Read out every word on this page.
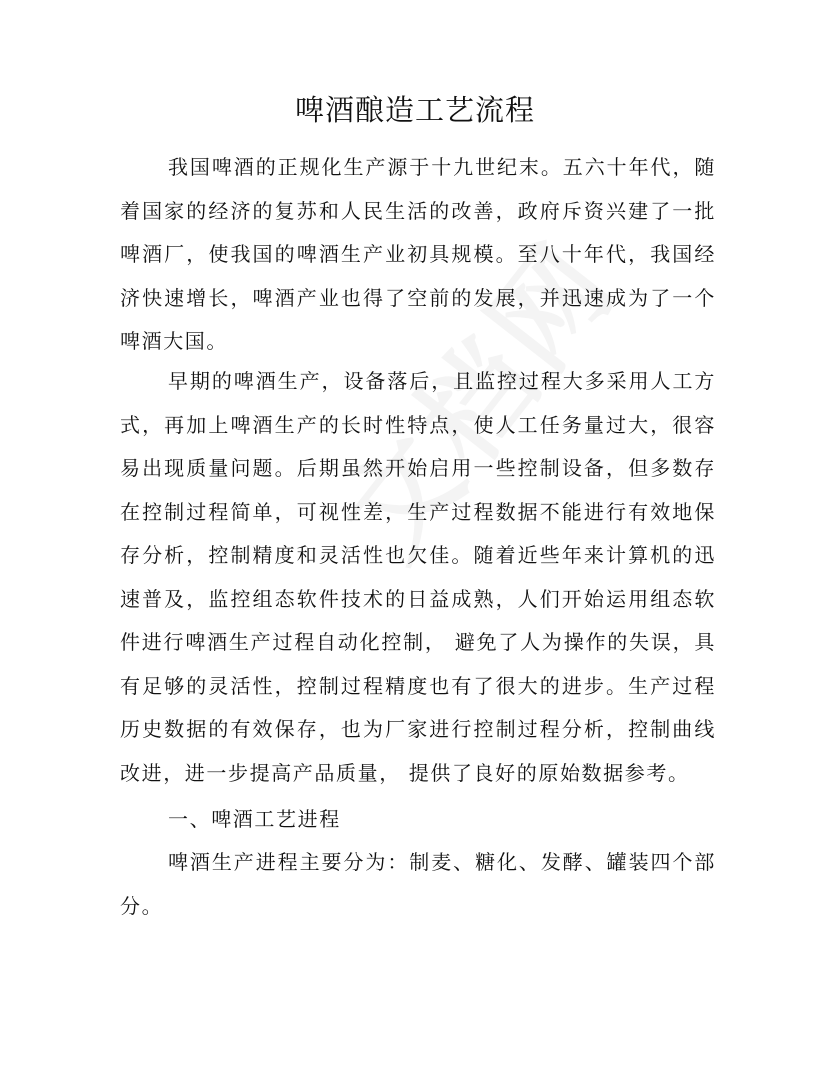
啤酒酿造工艺流程

我国啤酒的正规化生产源于十九世纪末。五六十年代，随着国家的经济的复苏和人民生活的改善，政府斥资兴建了一批啤酒厂，使我国的啤酒生产业初具规模。至八十年代，我国经济快速增长，啤酒产业也得了空前的发展，并迅速成为了一个啤酒大国。

早期的啤酒生产，设备落后，且监控过程大多采用人工方式，再加上啤酒生产的长时性特点，使人工任务量过大，很容易出现质量问题。后期虽然开始启用一些控制设备，但多数存在控制过程简单，可视性差，生产过程数据不能进行有效地保存分析，控制精度和灵活性也欠佳。随着近些年来计算机的迅速普及，监控组态软件技术的日益成熟，人们开始运用组态软件进行啤酒生产过程自动化控制， 避免了人为操作的失误，具有足够的灵活性，控制过程精度也有了很大的进步。生产过程历史数据的有效保存，也为厂家进行控制过程分析，控制曲线改进，进一步提高产品质量， 提供了良好的原始数据参考。

一、啤酒工艺进程

啤酒生产进程主要分为：制麦、糖化、发酵、罐装四个部分。
